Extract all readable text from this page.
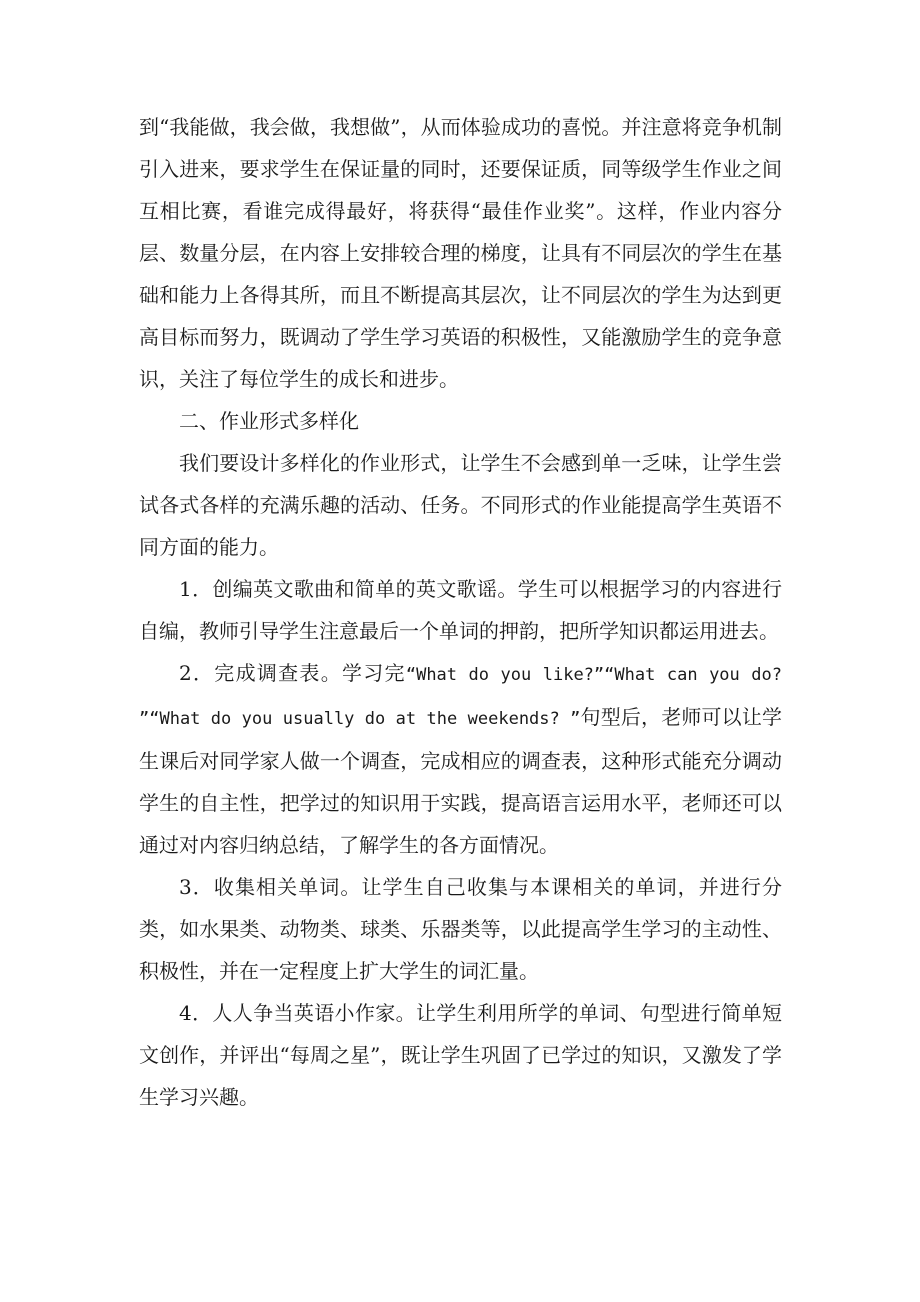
到“我能做，我会做，我想做”，从而体验成功的喜悦。并注意将竞争机制引入进来，要求学生在保证量的同时，还要保证质，同等级学生作业之间互相比赛，看谁完成得最好，将获得“最佳作业奖”。这样，作业内容分层、数量分层，在内容上安排较合理的梯度，让具有不同层次的学生在基础和能力上各得其所，而且不断提高其层次，让不同层次的学生为达到更高目标而努力，既调动了学生学习英语的积极性，又能激励学生的竞争意识，关注了每位学生的成长和进步。

二、作业形式多样化

我们要设计多样化的作业形式，让学生不会感到单一乏味，让学生尝试各式各样的充满乐趣的活动、任务。不同形式的作业能提高学生英语不同方面的能力。

1．创编英文歌曲和简单的英文歌谣。学生可以根据学习的内容进行自编，教师引导学生注意最后一个单词的押韵，把所学知识都运用进去。

2．完成调查表。学习完“What do you like?”“What can you do? ”“What do you usually do at the weekends? ”句型后，老师可以让学生课后对同学家人做一个调查，完成相应的调查表，这种形式能充分调动学生的自主性，把学过的知识用于实践，提高语言运用水平，老师还可以通过对内容归纳总结，了解学生的各方面情况。

3．收集相关单词。让学生自己收集与本课相关的单词，并进行分类，如水果类、动物类、球类、乐器类等，以此提高学生学习的主动性、积极性，并在一定程度上扩大学生的词汇量。

4．人人争当英语小作家。让学生利用所学的单词、句型进行简单短文创作，并评出“每周之星”，既让学生巩固了已学过的知识，又激发了学生学习兴趣。
